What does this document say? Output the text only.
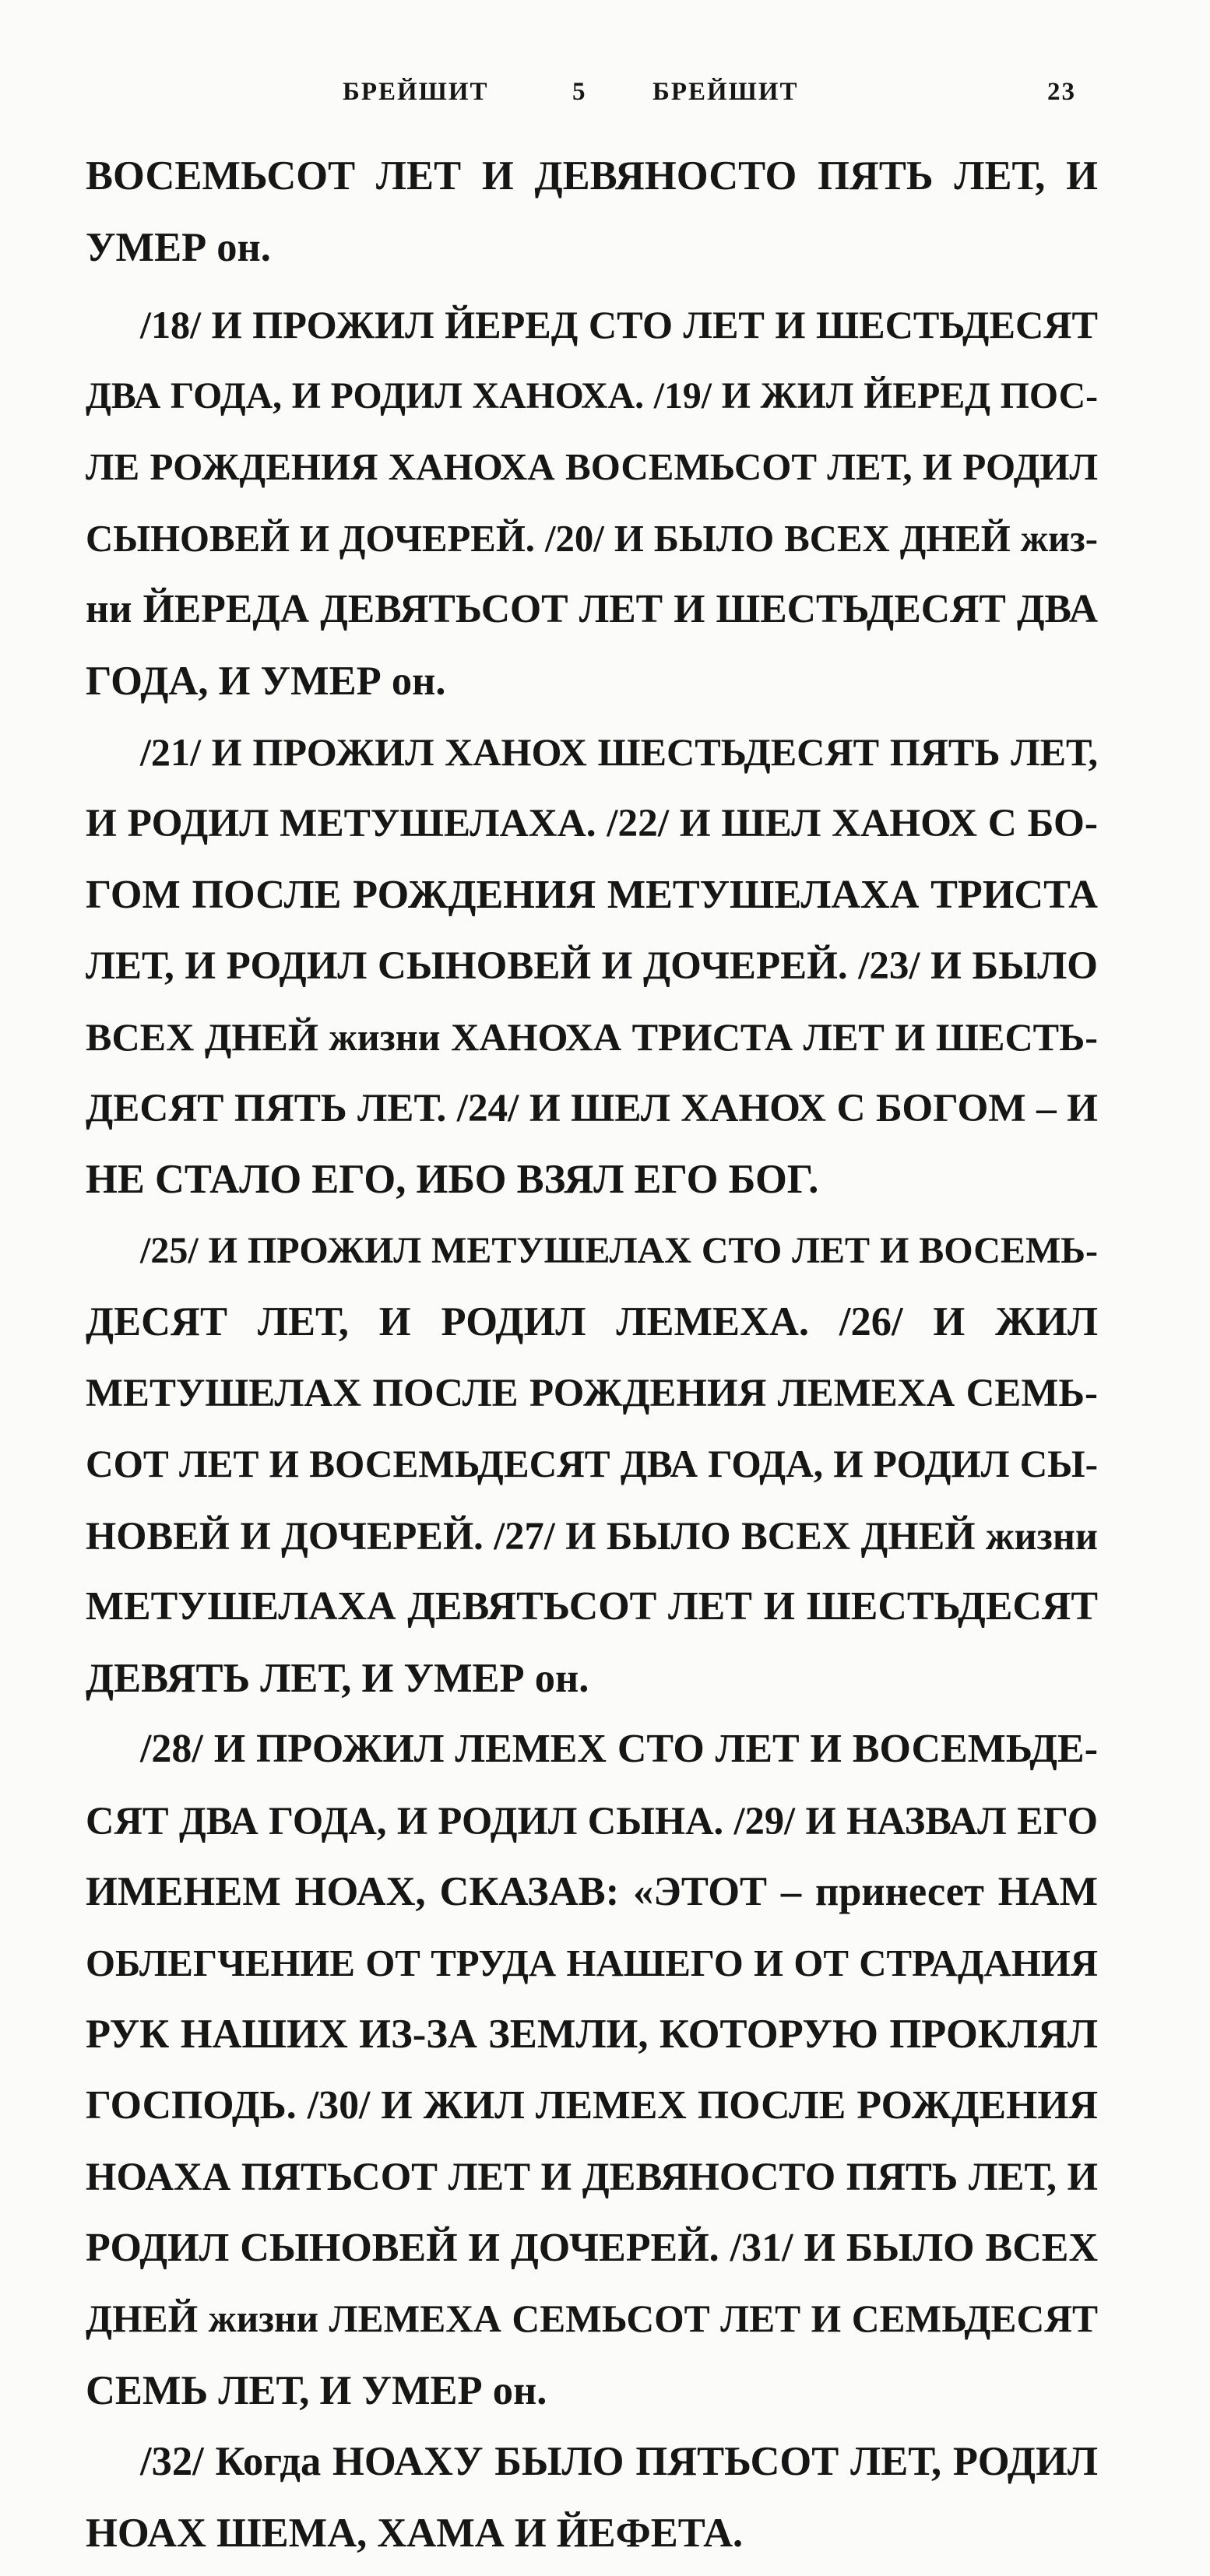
БРЕЙШИТ	5	БРЕЙШИТ	23
ВОСЕМЬСОТ ЛЕТ И ДЕВЯНОСТО ПЯТЬ ЛЕТ, И
УМЕР он.
/18/ И ПРОЖИЛ ЙЕРЕД СТО ЛЕТ И ШЕСТЬДЕСЯТ
ДВА ГОДА, И РОДИЛ ХАНОХА. /19/ И ЖИЛ ЙЕРЕД ПОС-
ЛЕ РОЖДЕНИЯ ХАНОХА ВОСЕМЬСОТ ЛЕТ, И РОДИЛ
СЫНОВЕЙ И ДОЧЕРЕЙ. /20/ И БЫЛО ВСЕХ ДНЕЙ жиз-
ни ЙЕРЕДА ДЕВЯТЬСОТ ЛЕТ И ШЕСТЬДЕСЯТ ДВА
ГОДА, И УМЕР он.
/21/ И ПРОЖИЛ ХАНОХ ШЕСТЬДЕСЯТ ПЯТЬ ЛЕТ,
И РОДИЛ МЕТУШЕЛАХА. /22/ И ШЕЛ ХАНОХ С БО-
ГОМ ПОСЛЕ РОЖДЕНИЯ МЕТУШЕЛАХА ТРИСТА
ЛЕТ, И РОДИЛ СЫНОВЕЙ И ДОЧЕРЕЙ. /23/ И БЫЛО
ВСЕХ ДНЕЙ жизни ХАНОХА ТРИСТА ЛЕТ И ШЕСТЬ-
ДЕСЯТ ПЯТЬ ЛЕТ. /24/ И ШЕЛ ХАНОХ С БОГОМ – И
НЕ СТАЛО ЕГО, ИБО ВЗЯЛ ЕГО БОГ.
/25/ И ПРОЖИЛ МЕТУШЕЛАХ СТО ЛЕТ И ВОСЕМЬ-
ДЕСЯТ ЛЕТ, И РОДИЛ ЛЕМЕХА. /26/ И ЖИЛ
МЕТУШЕЛАХ ПОСЛЕ РОЖДЕНИЯ ЛЕМЕХА СЕМЬ-
СОТ ЛЕТ И ВОСЕМЬДЕСЯТ ДВА ГОДА, И РОДИЛ СЫ-
НОВЕЙ И ДОЧЕРЕЙ. /27/ И БЫЛО ВСЕХ ДНЕЙ жизни
МЕТУШЕЛАХА ДЕВЯТЬСОТ ЛЕТ И ШЕСТЬДЕСЯТ
ДЕВЯТЬ ЛЕТ, И УМЕР он.
/28/ И ПРОЖИЛ ЛЕМЕХ СТО ЛЕТ И ВОСЕМЬДЕ-
СЯТ ДВА ГОДА, И РОДИЛ СЫНА. /29/ И НАЗВАЛ ЕГО
ИМЕНЕМ НОАХ, СКАЗАВ: «ЭТОТ – принесет НАМ
ОБЛЕГЧЕНИЕ ОТ ТРУДА НАШЕГО И ОТ СТРАДАНИЯ
РУК НАШИХ ИЗ-ЗА ЗЕМЛИ, КОТОРУЮ ПРОКЛЯЛ
ГОСПОДЬ. /30/ И ЖИЛ ЛЕМЕХ ПОСЛЕ РОЖДЕНИЯ
НОАХА ПЯТЬСОТ ЛЕТ И ДЕВЯНОСТО ПЯТЬ ЛЕТ, И
РОДИЛ СЫНОВЕЙ И ДОЧЕРЕЙ. /31/ И БЫЛО ВСЕХ
ДНЕЙ жизни ЛЕМЕХА СЕМЬСОТ ЛЕТ И СЕМЬДЕСЯТ
СЕМЬ ЛЕТ, И УМЕР он.
/32/ Когда НОАХУ БЫЛО ПЯТЬСОТ ЛЕТ, РОДИЛ
НОАХ ШЕМА, ХАМА И ЙЕФЕТА.
